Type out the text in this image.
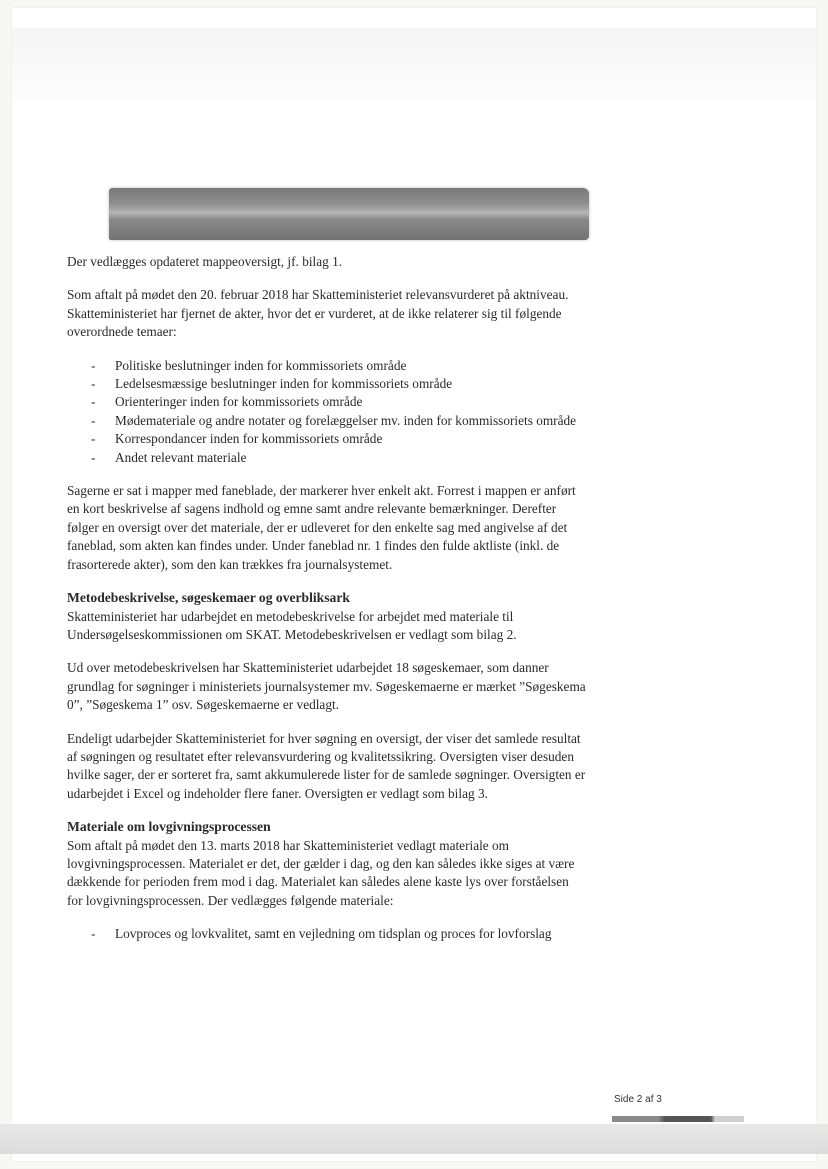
Der vedlægges opdateret mappeoversigt, jf. bilag 1.

Som aftalt på mødet den 20. februar 2018 har Skatteministeriet relevansvurderet på aktniveau. Skatteministeriet har fjernet de akter, hvor det er vurderet, at de ikke relaterer sig til følgende overordnede temaer:

- Politiske beslutninger inden for kommissoriets område
- Ledelsesmæssige beslutninger inden for kommissoriets område
- Orienteringer inden for kommissoriets område
- Mødemateriale og andre notater og forelæggelser mv. inden for kommissoriets område
- Korrespondancer inden for kommissoriets område
- Andet relevant materiale

Sagerne er sat i mapper med faneblade, der markerer hver enkelt akt. Forrest i mappen er anført en kort beskrivelse af sagens indhold og emne samt andre relevante bemærkninger. Derefter følger en oversigt over det materiale, der er udleveret for den enkelte sag med angivelse af det faneblad, som akten kan findes under. Under faneblad nr. 1 findes den fulde aktliste (inkl. de frasorterede akter), som den kan trækkes fra journalsystemet.

Metodebeskrivelse, søgeskemaer og overbliksark

Skatteministeriet har udarbejdet en metodebeskrivelse for arbejdet med materiale til Undersøgelseskommissionen om SKAT. Metodebeskrivelsen er vedlagt som bilag 2.

Ud over metodebeskrivelsen har Skatteministeriet udarbejdet 18 søgeskemaer, som danner grundlag for søgninger i ministeriets journalsystemer mv. Søgeskemaerne er mærket ”Søgeskema 0”, ”Søgeskema 1” osv. Søgeskemaerne er vedlagt.

Endeligt udarbejder Skatteministeriet for hver søgning en oversigt, der viser det samlede resultat af søgningen og resultatet efter relevansvurdering og kvalitetssikring. Oversigten viser desuden hvilke sager, der er sorteret fra, samt akkumulerede lister for de samlede søgninger. Oversigten er udarbejdet i Excel og indeholder flere faner. Oversigten er vedlagt som bilag 3.

Materiale om lovgivningsprocessen

Som aftalt på mødet den 13. marts 2018 har Skatteministeriet vedlagt materiale om lovgivningsprocessen. Materialet er det, der gælder i dag, og den kan således ikke siges at være dækkende for perioden frem mod i dag. Materialet kan således alene kaste lys over forståelsen for lovgivningsprocessen. Der vedlægges følgende materiale:

- Lovproces og lovkvalitet, samt en vejledning om tidsplan og proces for lovforslag
Side 2 af 3
